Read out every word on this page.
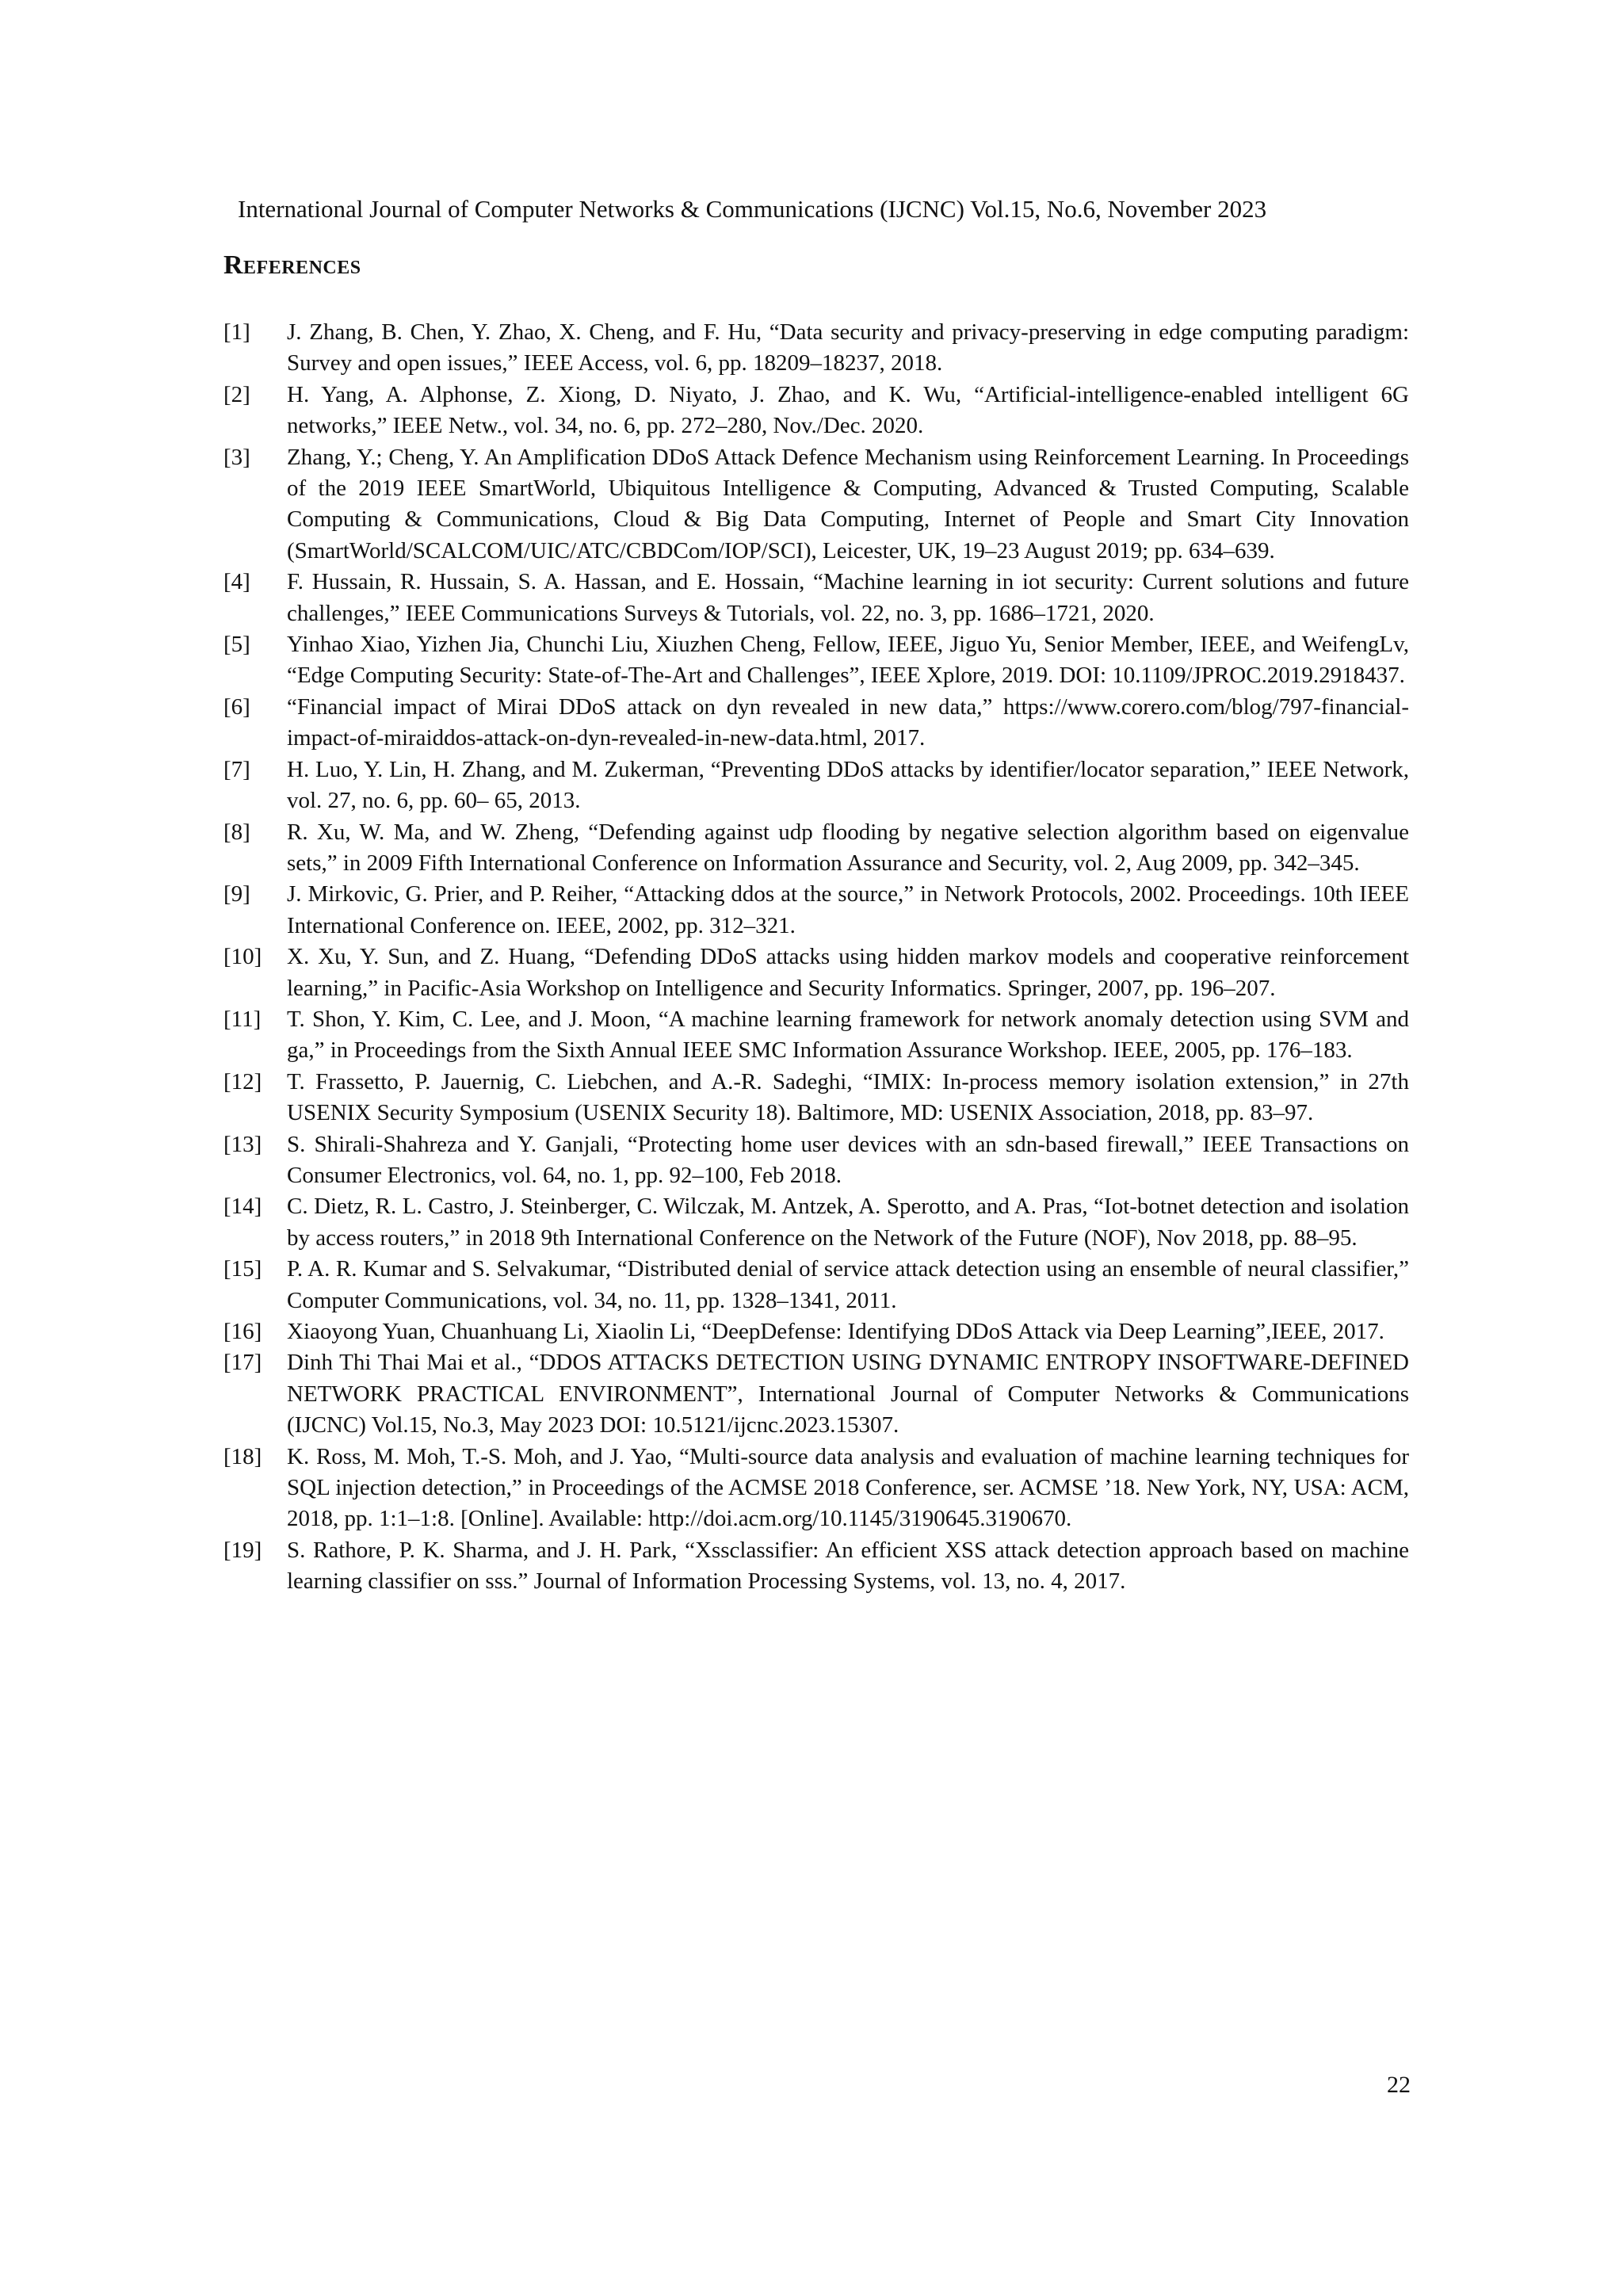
International Journal of Computer Networks & Communications (IJCNC) Vol.15, No.6, November 2023
References
[1]	J. Zhang, B. Chen, Y. Zhao, X. Cheng, and F. Hu, “Data security and privacy-preserving in edge computing paradigm: Survey and open issues,” IEEE Access, vol. 6, pp. 18209–18237, 2018.
[2]	H. Yang, A. Alphonse, Z. Xiong, D. Niyato, J. Zhao, and K. Wu, “Artificial-intelligence-enabled intelligent 6G networks,” IEEE Netw., vol. 34, no. 6, pp. 272–280, Nov./Dec. 2020.
[3]	Zhang, Y.; Cheng, Y. An Amplification DDoS Attack Defence Mechanism using Reinforcement Learning. In Proceedings of the 2019 IEEE SmartWorld, Ubiquitous Intelligence & Computing, Advanced & Trusted Computing, Scalable Computing & Communications, Cloud & Big Data Computing, Internet of People and Smart City Innovation (SmartWorld/SCALCOM/UIC/ATC/CBDCom/IOP/SCI), Leicester, UK, 19–23 August 2019; pp. 634–639.
[4]	F. Hussain, R. Hussain, S. A. Hassan, and E. Hossain, “Machine learning in iot security: Current solutions and future challenges,” IEEE Communications Surveys & Tutorials, vol. 22, no. 3, pp. 1686–1721, 2020.
[5]	Yinhao Xiao, Yizhen Jia, Chunchi Liu, Xiuzhen Cheng, Fellow, IEEE, Jiguo Yu, Senior Member, IEEE, and WeifengLv, “Edge Computing Security: State-of-The-Art and Challenges”, IEEE Xplore, 2019. DOI: 10.1109/JPROC.2019.2918437.
[6]	“Financial impact of Mirai DDoS attack on dyn revealed in new data,” https://www.corero.com/blog/797-financial-impact-of-miraiddos-attack-on-dyn-revealed-in-new-data.html, 2017.
[7]	H. Luo, Y. Lin, H. Zhang, and M. Zukerman, “Preventing DDoS attacks by identifier/locator separation,” IEEE Network, vol. 27, no. 6, pp. 60– 65, 2013.
[8]	R. Xu, W. Ma, and W. Zheng, “Defending against udp flooding by negative selection algorithm based on eigenvalue sets,” in 2009 Fifth International Conference on Information Assurance and Security, vol. 2, Aug 2009, pp. 342–345.
[9]	J. Mirkovic, G. Prier, and P. Reiher, “Attacking ddos at the source,” in Network Protocols, 2002. Proceedings. 10th IEEE International Conference on. IEEE, 2002, pp. 312–321.
[10]	X. Xu, Y. Sun, and Z. Huang, “Defending DDoS attacks using hidden markov models and cooperative reinforcement learning,” in Pacific-Asia Workshop on Intelligence and Security Informatics. Springer, 2007, pp. 196–207.
[11]	T. Shon, Y. Kim, C. Lee, and J. Moon, “A machine learning framework for network anomaly detection using SVM and ga,” in Proceedings from the Sixth Annual IEEE SMC Information Assurance Workshop. IEEE, 2005, pp. 176–183.
[12]	T. Frassetto, P. Jauernig, C. Liebchen, and A.-R. Sadeghi, “IMIX: In-process memory isolation extension,” in 27th USENIX Security Symposium (USENIX Security 18). Baltimore, MD: USENIX Association, 2018, pp. 83–97.
[13]	S. Shirali-Shahreza and Y. Ganjali, “Protecting home user devices with an sdn-based firewall,” IEEE Transactions on Consumer Electronics, vol. 64, no. 1, pp. 92–100, Feb 2018.
[14]	C. Dietz, R. L. Castro, J. Steinberger, C. Wilczak, M. Antzek, A. Sperotto, and A. Pras, “Iot-botnet detection and isolation by access routers,” in 2018 9th International Conference on the Network of the Future (NOF), Nov 2018, pp. 88–95.
[15]	P. A. R. Kumar and S. Selvakumar, “Distributed denial of service attack detection using an ensemble of neural classifier,” Computer Communications, vol. 34, no. 11, pp. 1328–1341, 2011.
[16]	Xiaoyong Yuan, Chuanhuang Li, Xiaolin Li, “DeepDefense: Identifying DDoS Attack via Deep Learning”,IEEE, 2017.
[17]	Dinh Thi Thai Mai et al., “DDOS ATTACKS DETECTION USING DYNAMIC ENTROPY INSOFTWARE-DEFINED NETWORK PRACTICAL ENVIRONMENT”, International Journal of Computer Networks & Communications (IJCNC) Vol.15, No.3, May 2023 DOI: 10.5121/ijcnc.2023.15307.
[18]	K. Ross, M. Moh, T.-S. Moh, and J. Yao, “Multi-source data analysis and evaluation of machine learning techniques for SQL injection detection,” in Proceedings of the ACMSE 2018 Conference, ser. ACMSE ’18. New York, NY, USA: ACM, 2018, pp. 1:1–1:8. [Online]. Available: http://doi.acm.org/10.1145/3190645.3190670.
[19]	S. Rathore, P. K. Sharma, and J. H. Park, “Xssclassifier: An efficient XSS attack detection approach based on machine learning classifier on sss.” Journal of Information Processing Systems, vol. 13, no. 4, 2017.
22
